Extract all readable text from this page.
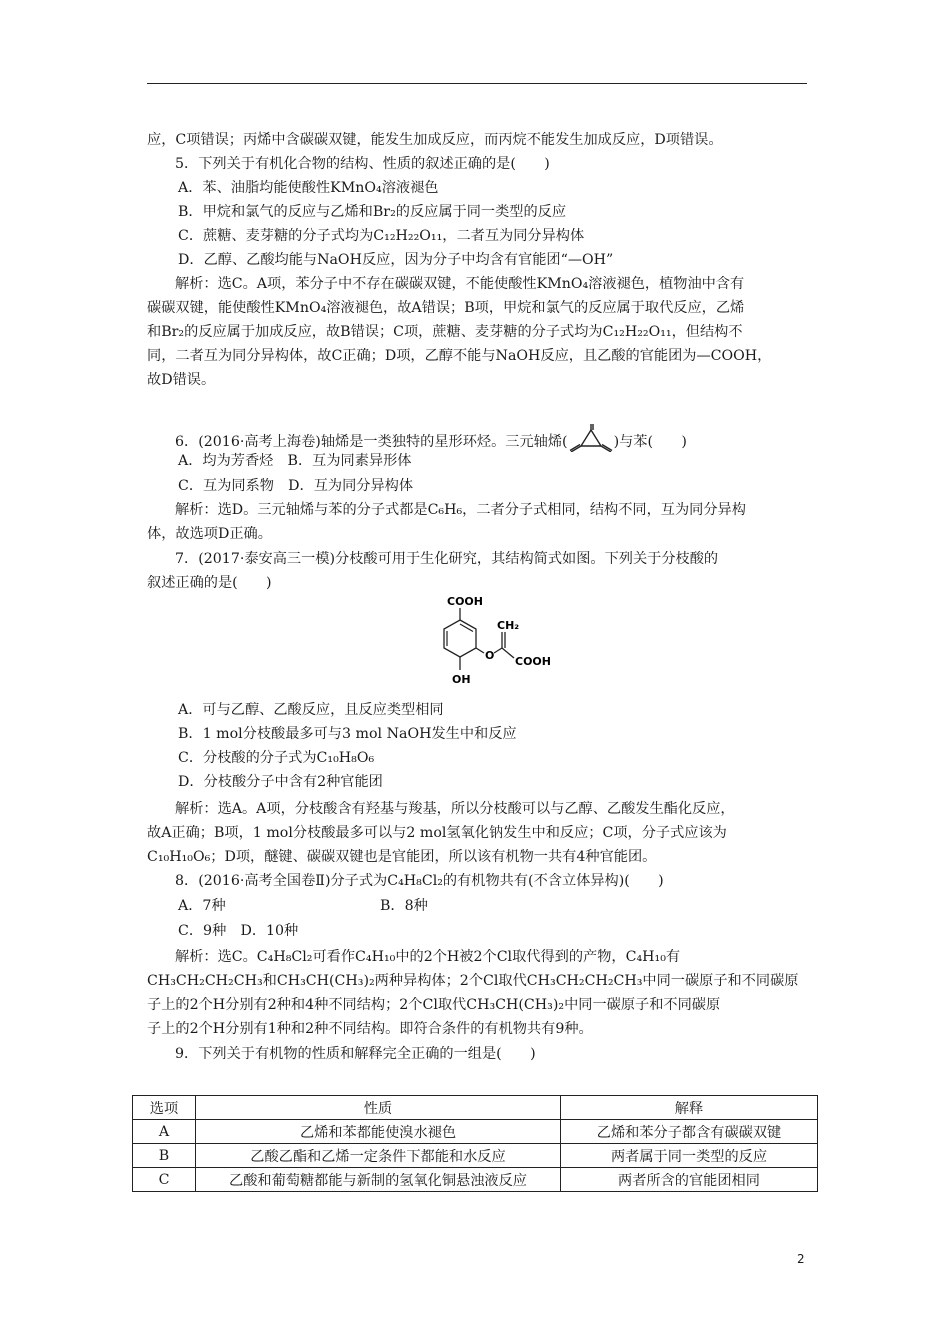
应，C项错误；丙烯中含碳碳双键，能发生加成反应，而丙烷不能发生加成反应，D项错误。
5．下列关于有机化合物的结构、性质的叙述正确的是(　　)
A．苯、油脂均能使酸性KMnO₄溶液褪色
B．甲烷和氯气的反应与乙烯和Br₂的反应属于同一类型的反应
C．蔗糖、麦芽糖的分子式均为C₁₂H₂₂O₁₁，二者互为同分异构体
D．乙醇、乙酸均能与NaOH反应，因为分子中均含有官能团“—OH”
解析：选C。A项，苯分子中不存在碳碳双键，不能使酸性KMnO₄溶液褪色，植物油中含有
碳碳双键，能使酸性KMnO₄溶液褪色，故A错误；B项，甲烷和氯气的反应属于取代反应，乙烯
和Br₂的反应属于加成反应，故B错误；C项，蔗糖、麦芽糖的分子式均为C₁₂H₂₂O₁₁，但结构不
同，二者互为同分异构体，故C正确；D项，乙醇不能与NaOH反应，且乙酸的官能团为—COOH，
故D错误。
6．(2016·高考上海卷)轴烯是一类独特的星形环烃。三元轴烯(	)与苯(　　)
A．均为芳香烃　B．互为同素异形体
C．互为同系物　D．互为同分异构体
解析：选D。三元轴烯与苯的分子式都是C₆H₆，二者分子式相同，结构不同，互为同分异构
体，故选项D正确。
7．(2017·泰安高三一模)分枝酸可用于生化研究，其结构简式如图。下列关于分枝酸的
叙述正确的是(　　)
COOH
O
CH₂
COOH
OH
A．可与乙醇、乙酸反应，且反应类型相同
B．1 mol分枝酸最多可与3 mol NaOH发生中和反应
C．分枝酸的分子式为C₁₀H₈O₆
D．分枝酸分子中含有2种官能团
解析：选A。A项，分枝酸含有羟基与羧基，所以分枝酸可以与乙醇、乙酸发生酯化反应，
故A正确；B项，1 mol分枝酸最多可以与2 mol氢氧化钠发生中和反应；C项，分子式应该为
C₁₀H₁₀O₆；D项，醚键、碳碳双键也是官能团，所以该有机物一共有4种官能团。
8．(2016·高考全国卷Ⅱ)分子式为C₄H₈Cl₂的有机物共有(不含立体异构)(　　)
A．7种	B．8种
C．9种　D．10种
解析：选C。C₄H₈Cl₂可看作C₄H₁₀中的2个H被2个Cl取代得到的产物，C₄H₁₀有
CH₃CH₂CH₂CH₃和CH₃CH(CH₃)₂两种异构体；2个Cl取代CH₃CH₂CH₂CH₃中同一碳原子和不同碳原
子上的2个H分别有2种和4种不同结构；2个Cl取代CH₃CH(CH₃)₂中同一碳原子和不同碳原
子上的2个H分别有1种和2种不同结构。即符合条件的有机物共有9种。
9．下列关于有机物的性质和解释完全正确的一组是(　　)
选项	性质	解释
A	乙烯和苯都能使溴水褪色	乙烯和苯分子都含有碳碳双键
B	乙酸乙酯和乙烯一定条件下都能和水反应	两者属于同一类型的反应
C	乙酸和葡萄糖都能与新制的氢氧化铜悬浊液反应	两者所含的官能团相同
2
